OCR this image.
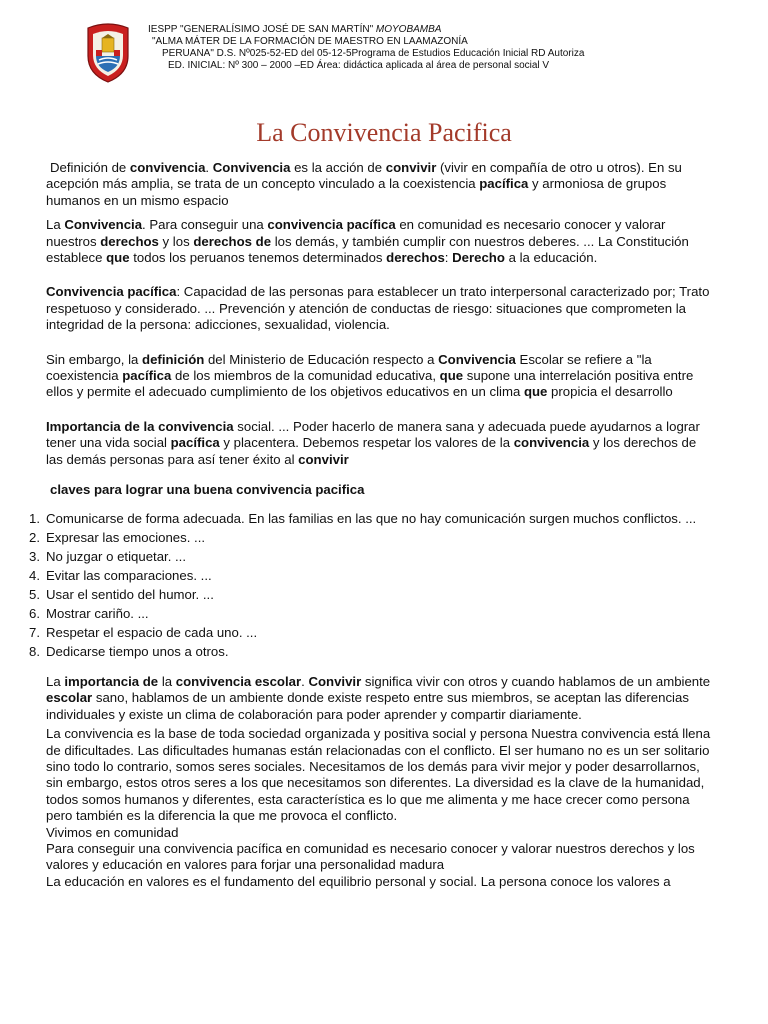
IESPP "GENERALÍSIMO JOSÉ DE SAN MARTÍN" MOYOBAMBA
"ALMA MÁTER DE LA FORMACIÓN DE MAESTRO EN LAAMAZONÍA
PERUANA" D.S. Nº025-52-ED del 05-12-5Programa de Estudios Educación Inicial RD Autoriza
ED. INICIAL: Nº 300 – 2000 –ED Área: didáctica aplicada al área de personal social V
La Convivencia Pacifica

Definición de convivencia. Convivencia es la acción de convivir (vivir en compañía de otro u otros). En su acepción más amplia, se trata de un concepto vinculado a la coexistencia pacífica y armoniosa de grupos humanos en un mismo espacio

La Convivencia. Para conseguir una convivencia pacífica en comunidad es necesario conocer y valorar nuestros derechos y los derechos de los demás, y también cumplir con nuestros deberes. ... La Constitución establece que todos los peruanos tenemos determinados derechos: Derecho a la educación.

Convivencia pacífica: Capacidad de las personas para establecer un trato interpersonal caracterizado por; Trato respetuoso y considerado. ... Prevención y atención de conductas de riesgo: situaciones que comprometen la integridad de la persona: adicciones, sexualidad, violencia.

Sin embargo, la definición del Ministerio de Educación respecto a Convivencia Escolar se refiere a "la coexistencia pacífica de los miembros de la comunidad educativa, que supone una interrelación positiva entre ellos y permite el adecuado cumplimiento de los objetivos educativos en un clima que propicia el desarrollo

Importancia de la convivencia social. ... Poder hacerlo de manera sana y adecuada puede ayudarnos a lograr tener una vida social pacífica y placentera. Debemos respetar los valores de la convivencia y los derechos de las demás personas para así tener éxito al convivir

claves para lograr una buena convivencia pacifica

1. Comunicarse de forma adecuada. En las familias en las que no hay comunicación surgen muchos conflictos. ...
2. Expresar las emociones. ...
3. No juzgar o etiquetar. ...
4. Evitar las comparaciones. ...
5. Usar el sentido del humor. ...
6. Mostrar cariño. ...
7. Respetar el espacio de cada uno. ...
8. Dedicarse tiempo unos a otros.

La importancia de la convivencia escolar. Convivir significa vivir con otros y cuando hablamos de un ambiente escolar sano, hablamos de un ambiente donde existe respeto entre sus miembros, se aceptan las diferencias individuales y existe un clima de colaboración para poder aprender y compartir diariamente.

La convivencia es la base de toda sociedad organizada y positiva social y persona Nuestra convivencia está llena de dificultades. Las dificultades humanas están relacionadas con el conflicto. El ser humano no es un ser solitario sino todo lo contrario, somos seres sociales. Necesitamos de los demás para vivir mejor y poder desarrollarnos, sin embargo, estos otros seres a los que necesitamos son diferentes. La diversidad es la clave de la humanidad, todos somos humanos y diferentes, esta característica es lo que me alimenta y me hace crecer como persona pero también es la diferencia la que me provoca el conflicto.

Vivimos en comunidad

Para conseguir una convivencia pacífica en comunidad es necesario conocer y valorar nuestros derechos y los valores y educación en valores para forjar una personalidad madura

La educación en valores es el fundamento del equilibrio personal y social. La persona conoce los valores a
